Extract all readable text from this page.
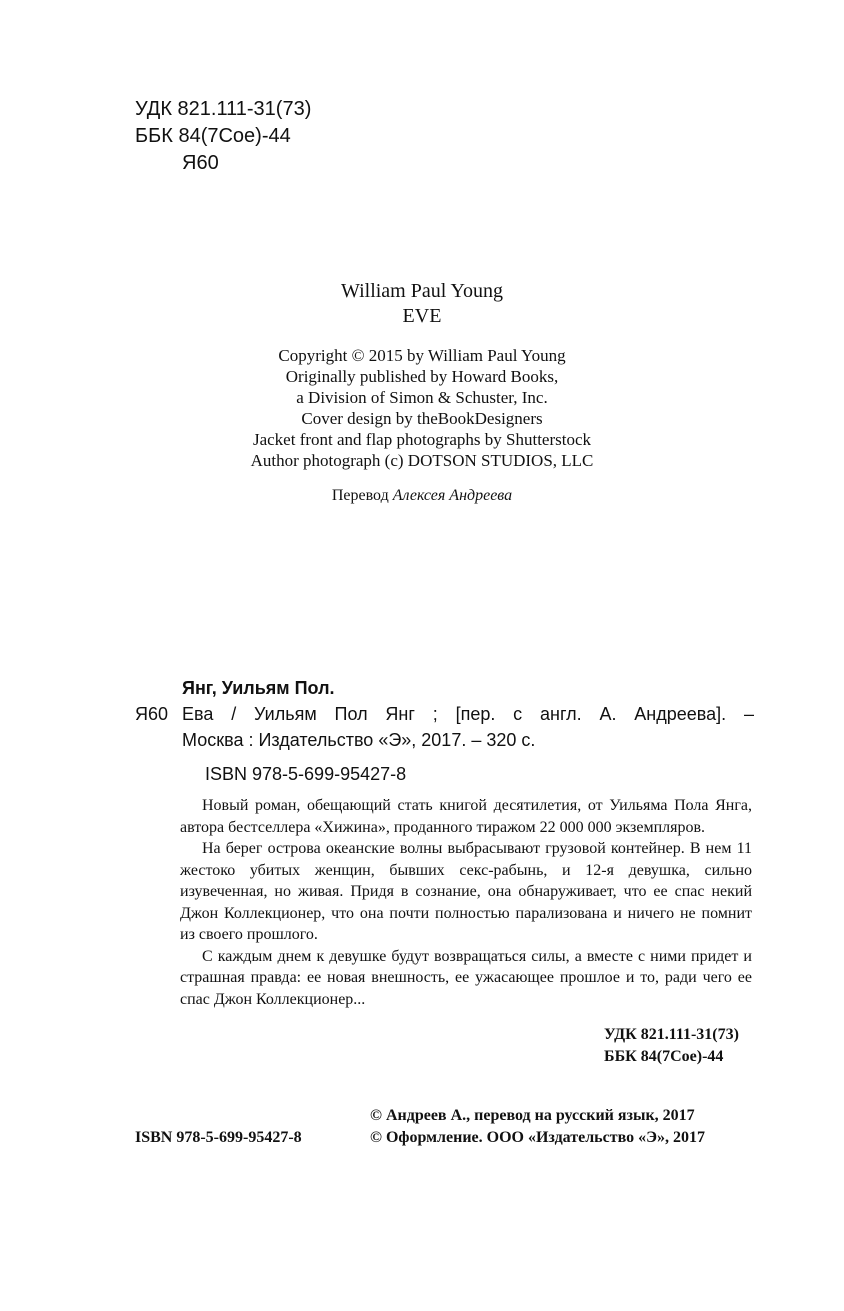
УДК 821.111-31(73)
ББК 84(7Сое)-44
Я60
William Paul Young
EVE
Copyright © 2015 by William Paul Young
Originally published by Howard Books,
a Division of Simon & Schuster, Inc.
Cover design by theBookDesigners
Jacket front and flap photographs by Shutterstock
Author photograph (c) DOTSON STUDIOS, LLC
Перевод Алексея Андреева
Янг, Уильям Пол.
Я60 Ева / Уильям Пол Янг ; [пер. с англ. А. Андреева]. –
Москва : Издательство «Э», 2017. – 320 с.
ISBN 978-5-699-95427-8

Новый роман, обещающий стать книгой десятилетия, от Уильяма Пола Янга, автора бестселлера «Хижина», проданного тиражом 22 000 000 экземпляров.

На берег острова океанские волны выбрасывают грузовой контейнер. В нем 11 жестоко убитых женщин, бывших секс-рабынь, и 12-я девушка, сильно изувеченная, но живая. Придя в сознание, она обнаруживает, что ее спас некий Джон Коллекционер, что она почти полностью парализована и ничего не помнит из своего прошлого.

С каждым днем к девушке будут возвращаться силы, а вместе с ними придет и страшная правда: ее новая внешность, ее ужасающее прошлое и то, ради чего ее спас Джон Коллекционер...

УДК 821.111-31(73)
ББК 84(7Сое)-44
© Андреев А., перевод на русский язык, 2017
ISBN 978-5-699-95427-8	© Оформление. ООО «Издательство «Э», 2017
